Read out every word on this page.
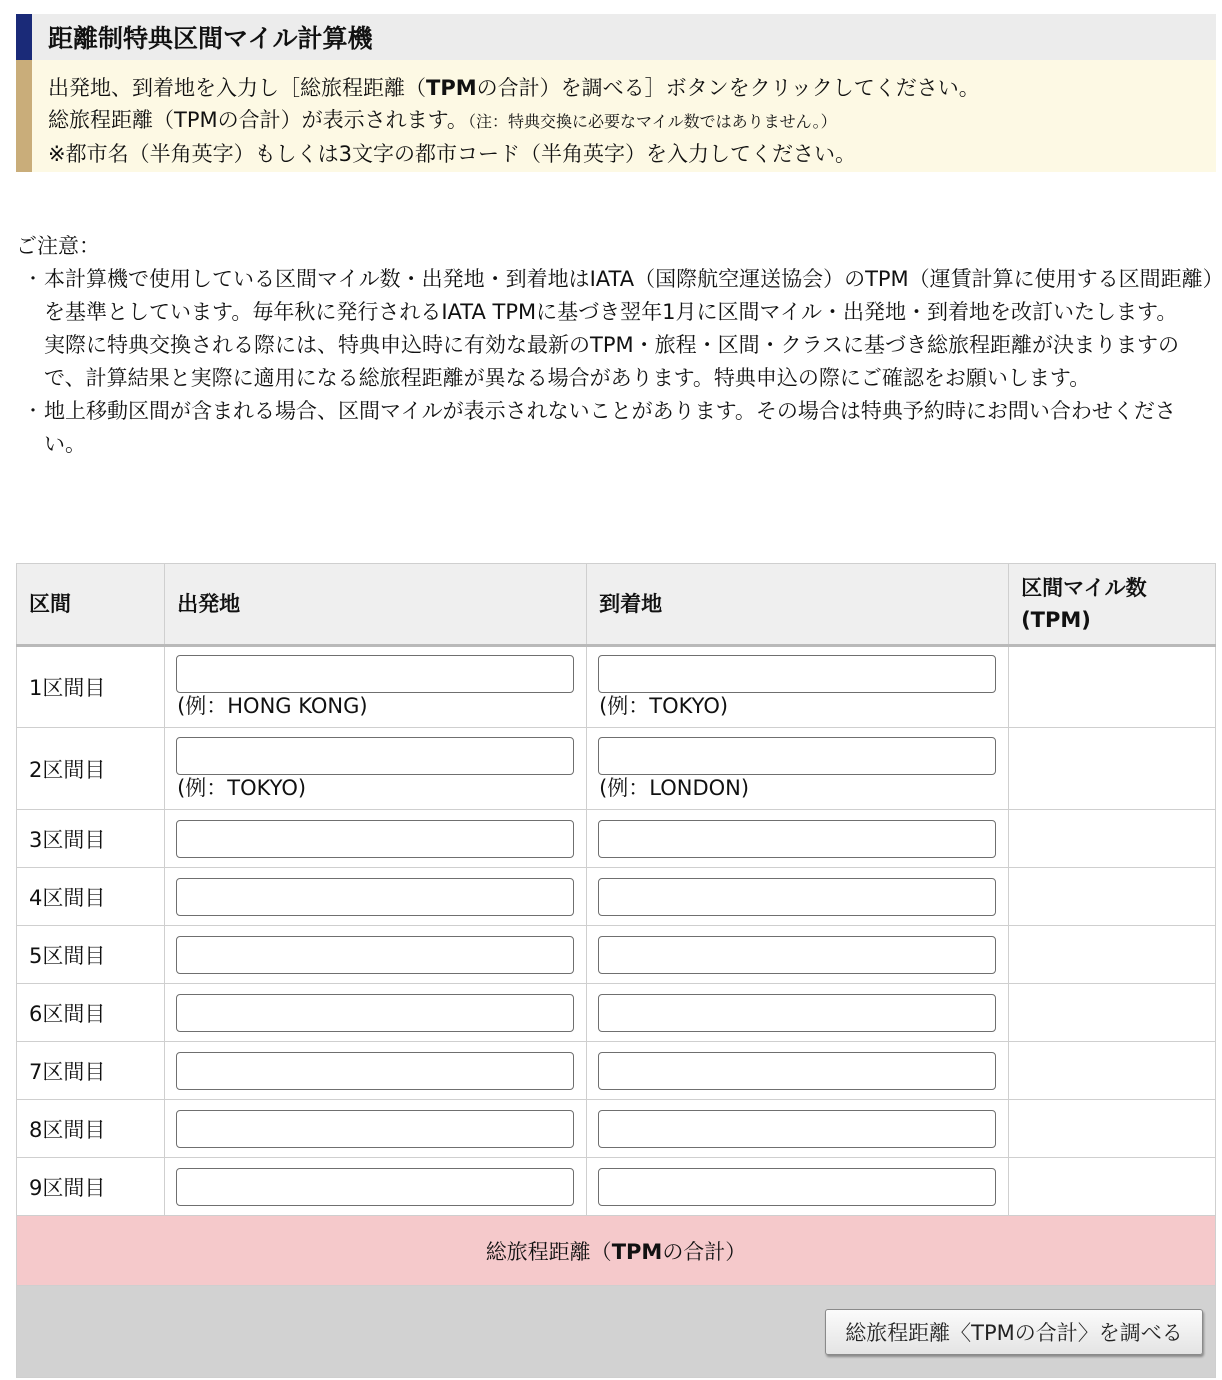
距離制特典区間マイル計算機
出発地、到着地を入力し［総旅程距離（TPMの合計）を調べる］ボタンをクリックしてください。
総旅程距離（TPMの合計）が表示されます。（注：特典交換に必要なマイル数ではありません。）
※都市名（半角英字）もしくは3文字の都市コード（半角英字）を入力してください。
ご注意：
・ 本計算機で使用している区間マイル数・出発地・到着地はIATA（国際航空運送協会）のTPM（運賃計算に使用する区間距離）を基準としています。毎年秋に発行されるIATA TPMに基づき翌年1月に区間マイル・出発地・到着地を改訂いたします。
実際に特典交換される際には、特典申込時に有効な最新のTPM・旅程・区間・クラスに基づき総旅程距離が決まりますので、計算結果と実際に適用になる総旅程距離が異なる場合があります。特典申込の際にご確認をお願いします。
・ 地上移動区間が含まれる場合、区間マイルが表示されないことがあります。その場合は特典予約時にお問い合わせください。
区間	出発地	到着地	区間マイル数
(TPM)

1区間目	(例：HONG KONG)	(例：TOKYO)	

2区間目	(例：TOKYO)	(例：LONDON)	

3区間目	

4区間目	

5区間目	

6区間目	

7区間目	

8区間目	

9区間目	

総旅程距離（TPMの合計）			
総旅程距離〈TPMの合計〉を調べる			
